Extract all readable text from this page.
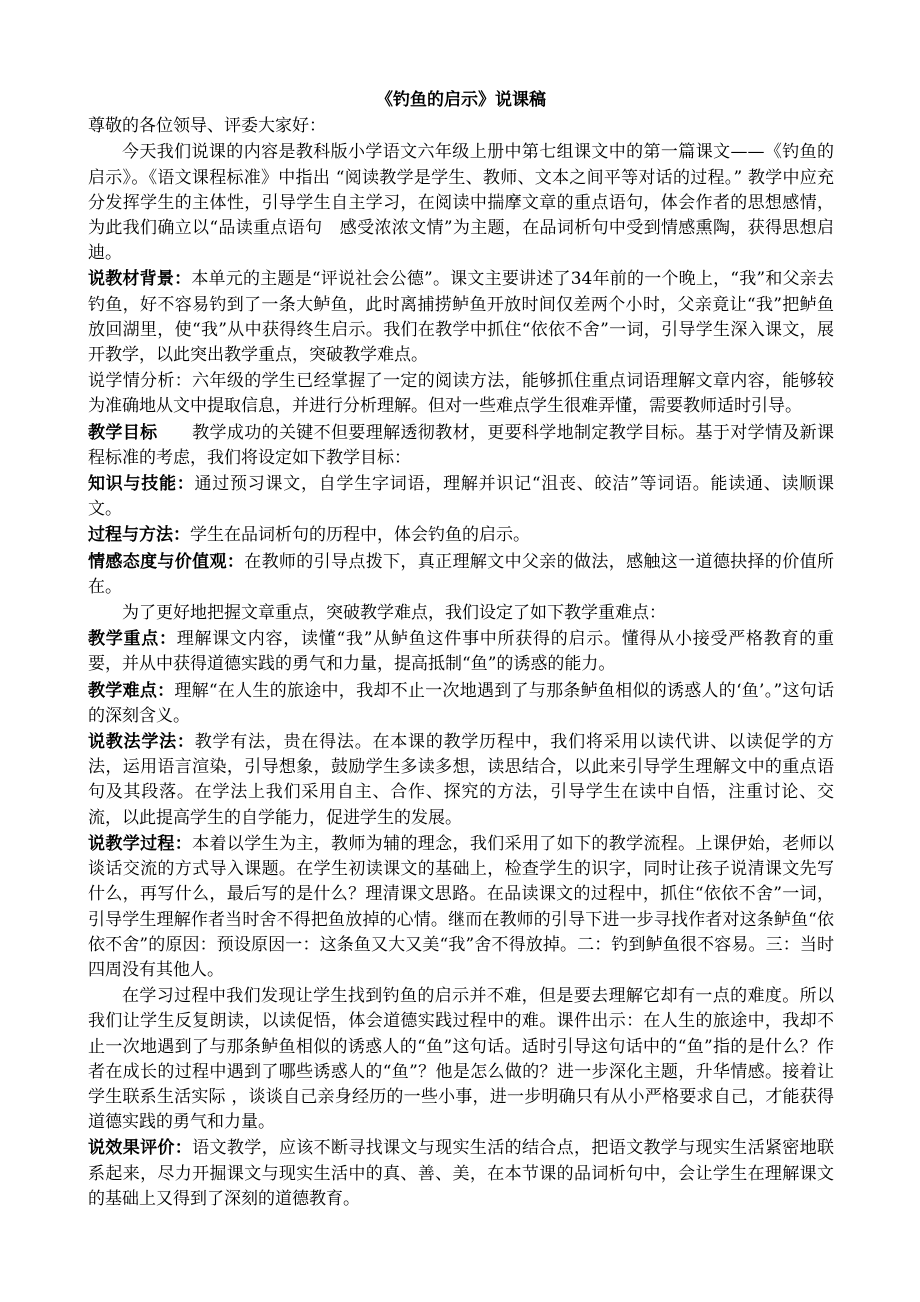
《钓鱼的启示》说课稿

尊敬的各位领导、评委大家好：

今天我们说课的内容是教科版小学语文六年级上册中第七组课文中的第一篇课文——《钓鱼的启示》。《语文课程标准》中指出 “阅读教学是学生、教师、文本之间平等对话的过程。” 教学中应充分发挥学生的主体性，引导学生自主学习，在阅读中揣摩文章的重点语句，体会作者的思想感情，为此我们确立以“品读重点语句　感受浓浓文情”为主题，在品词析句中受到情感熏陶，获得思想启迪。

说教材背景：本单元的主题是“评说社会公德”。课文主要讲述了34年前的一个晚上，“我”和父亲去钓鱼，好不容易钓到了一条大鲈鱼，此时离捕捞鲈鱼开放时间仅差两个小时，父亲竟让“我”把鲈鱼放回湖里，使“我”从中获得终生启示。我们在教学中抓住“依依不舍”一词，引导学生深入课文，展开教学，以此突出教学重点，突破教学难点。

说学情分析：六年级的学生已经掌握了一定的阅读方法，能够抓住重点词语理解文章内容，能够较为准确地从文中提取信息，并进行分析理解。但对一些难点学生很难弄懂，需要教师适时引导。

教学目标　　教学成功的关键不但要理解透彻教材，更要科学地制定教学目标。基于对学情及新课程标准的考虑，我们将设定如下教学目标：

知识与技能：通过预习课文，自学生字词语，理解并识记“沮丧、皎洁”等词语。能读通、读顺课文。

过程与方法：学生在品词析句的历程中，体会钓鱼的启示。

情感态度与价值观：在教师的引导点拨下，真正理解文中父亲的做法，感触这一道德抉择的价值所在。

为了更好地把握文章重点，突破教学难点，我们设定了如下教学重难点：

教学重点：理解课文内容，读懂“我”从鲈鱼这件事中所获得的启示。懂得从小接受严格教育的重要，并从中获得道德实践的勇气和力量，提高抵制“鱼”的诱惑的能力。

教学难点：理解“在人生的旅途中，我却不止一次地遇到了与那条鲈鱼相似的诱惑人的‘鱼’。”这句话的深刻含义。

说教法学法：教学有法，贵在得法。在本课的教学历程中，我们将采用以读代讲、以读促学的方法，运用语言渲染，引导想象，鼓励学生多读多想，读思结合，以此来引导学生理解文中的重点语句及其段落。在学法上我们采用自主、合作、探究的方法，引导学生在读中自悟，注重讨论、交流，以此提高学生的自学能力，促进学生的发展。

说教学过程：本着以学生为主，教师为辅的理念，我们采用了如下的教学流程。上课伊始，老师以谈话交流的方式导入课题。在学生初读课文的基础上，检查学生的识字，同时让孩子说清课文先写什么，再写什么，最后写的是什么？理清课文思路。在品读课文的过程中，抓住“依依不舍”一词，引导学生理解作者当时舍不得把鱼放掉的心情。继而在教师的引导下进一步寻找作者对这条鲈鱼“依依不舍”的原因：预设原因一：这条鱼又大又美“我”舍不得放掉。二：钓到鲈鱼很不容易。三：当时四周没有其他人。

在学习过程中我们发现让学生找到钓鱼的启示并不难，但是要去理解它却有一点的难度。所以我们让学生反复朗读，以读促悟，体会道德实践过程中的难。课件出示：在人生的旅途中，我却不止一次地遇到了与那条鲈鱼相似的诱惑人的“鱼”这句话。适时引导这句话中的“鱼”指的是什么？作者在成长的过程中遇到了哪些诱惑人的“鱼”？他是怎么做的？进一步深化主题，升华情感。接着让学生联系生活实际 ，谈谈自己亲身经历的一些小事，进一步明确只有从小严格要求自己，才能获得道德实践的勇气和力量。

说效果评价：语文教学，应该不断寻找课文与现实生活的结合点，把语文教学与现实生活紧密地联系起来，尽力开掘课文与现实生活中的真、善、美，在本节课的品词析句中，会让学生在理解课文的基础上又得到了深刻的道德教育。
